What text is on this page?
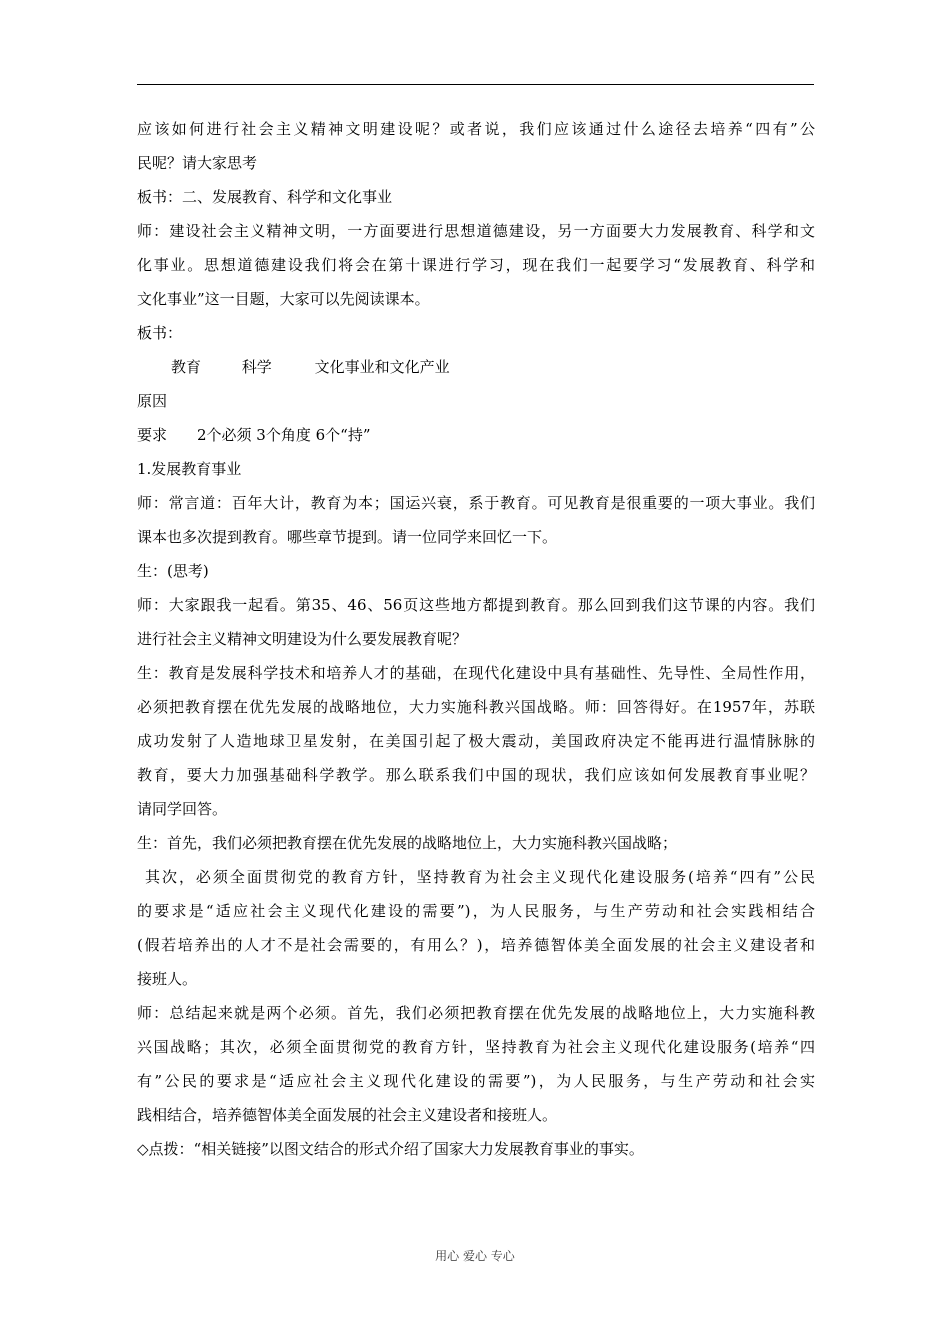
应该如何进行社会主义精神文明建设呢？或者说，我们应该通过什么途径去培养“四有”公
民呢？请大家思考
板书：二、发展教育、科学和文化事业
师：建设社会主义精神文明，一方面要进行思想道德建设，另一方面要大力发展教育、科学和文
化事业。思想道德建设我们将会在第十课进行学习，现在我们一起要学习“发展教育、科学和
文化事业”这一目题，大家可以先阅读课本。
板书：
教育	科学	文化事业和文化产业
原因
要求　　2个必须 3个角度 6个“持”
1.发展教育事业
师：常言道：百年大计，教育为本；国运兴衰，系于教育。可见教育是很重要的一项大事业。我们
课本也多次提到教育。哪些章节提到。请一位同学来回忆一下。
生：(思考)
师：大家跟我一起看。第35、46、56页这些地方都提到教育。那么回到我们这节课的内容。我们
进行社会主义精神文明建设为什么要发展教育呢？
生：教育是发展科学技术和培养人才的基础，在现代化建设中具有基础性、先导性、全局性作用，
必须把教育摆在优先发展的战略地位，大力实施科教兴国战略。师：回答得好。在1957年，苏联
成功发射了人造地球卫星发射，在美国引起了极大震动，美国政府决定不能再进行温情脉脉的
教育，要大力加强基础科学教学。那么联系我们中国的现状，我们应该如何发展教育事业呢？
请同学回答。
生：首先，我们必须把教育摆在优先发展的战略地位上，大力实施科教兴国战略；
其次，必须全面贯彻党的教育方针，坚持教育为社会主义现代化建设服务(培养“四有”公民
的要求是“适应社会主义现代化建设的需要”)，为人民服务，与生产劳动和社会实践相结合
(假若培养出的人才不是社会需要的，有用么？)，培养德智体美全面发展的社会主义建设者和
接班人。
师：总结起来就是两个必须。首先，我们必须把教育摆在优先发展的战略地位上，大力实施科教
兴国战略；其次，必须全面贯彻党的教育方针，坚持教育为社会主义现代化建设服务(培养“四
有”公民的要求是“适应社会主义现代化建设的需要”)，为人民服务，与生产劳动和社会实
践相结合，培养德智体美全面发展的社会主义建设者和接班人。
◇点拨：“相关链接”以图文结合的形式介绍了国家大力发展教育事业的事实。
用心 爱心 专心
